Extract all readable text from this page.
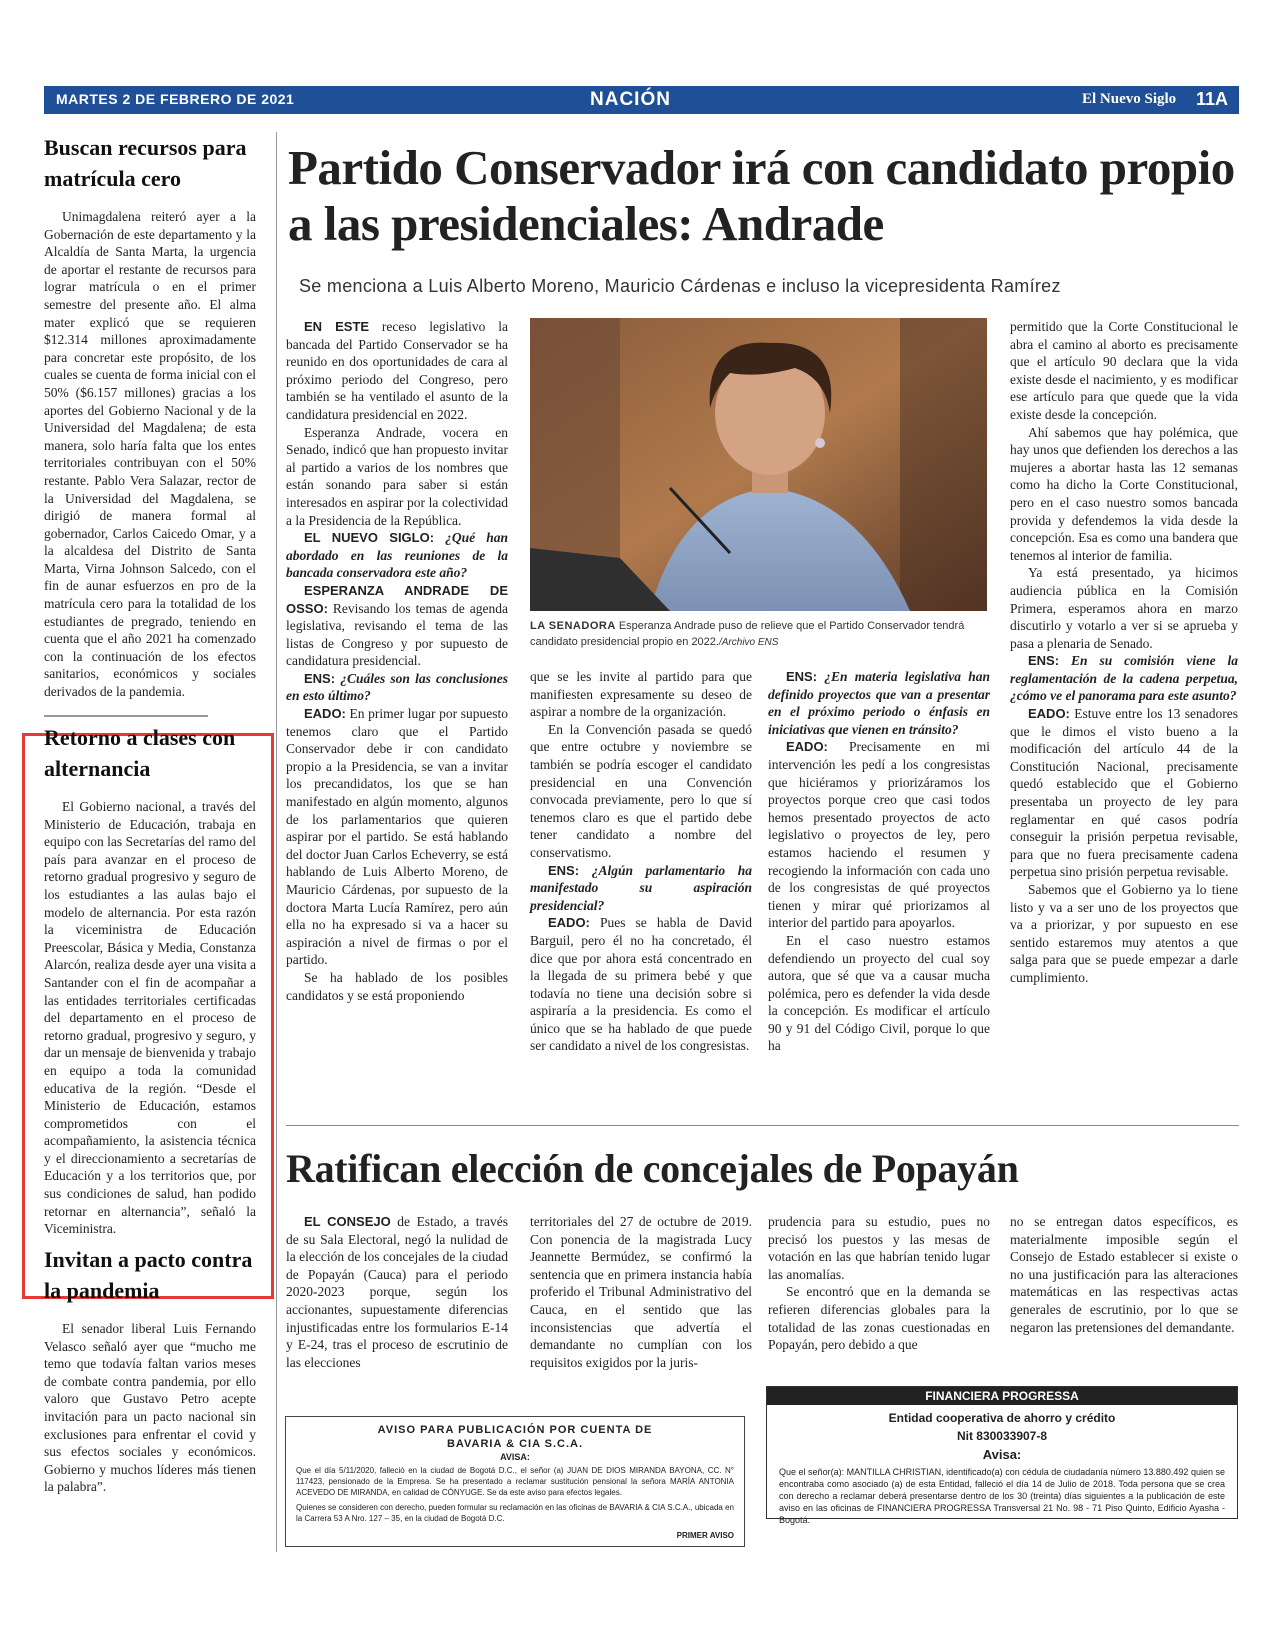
MARTES 2 DE FEBRERO DE 2021	NACIÓN	El Nuevo Siglo 11A
Buscan recursos para matrícula cero

Unimagdalena reiteró ayer a la Gobernación de este departamento y la Alcaldía de Santa Marta, la urgencia de aportar el restante de recursos para lograr matrícula o en el primer semestre del presente año. El alma mater explicó que se requieren $12.314 millones aproximadamente para concretar este propósito, de los cuales se cuenta de forma inicial con el 50% ($6.157 millones) gracias a los aportes del Gobierno Nacional y de la Universidad del Magdalena; de esta manera, solo haría falta que los entes territoriales contribuyan con el 50% restante. Pablo Vera Salazar, rector de la Universidad del Magdalena, se dirigió de manera formal al gobernador, Carlos Caicedo Omar, y a la alcaldesa del Distrito de Santa Marta, Virna Johnson Salcedo, con el fin de aunar esfuerzos en pro de la matrícula cero para la totalidad de los estudiantes de pregrado, teniendo en cuenta que el año 2021 ha comenzado con la continuación de los efectos sanitarios, económicos y sociales derivados de la pandemia.

Retorno a clases con alternancia

El Gobierno nacional, a través del Ministerio de Educación, trabaja en equipo con las Secretarías del ramo del país para avanzar en el proceso de retorno gradual progresivo y seguro de los estudiantes a las aulas bajo el modelo de alternancia. Por esta razón la viceministra de Educación Preescolar, Básica y Media, Constanza Alarcón, realiza desde ayer una visita a Santander con el fin de acompañar a las entidades territoriales certificadas del departamento en el proceso de retorno gradual, progresivo y seguro, y dar un mensaje de bienvenida y trabajo en equipo a toda la comunidad educativa de la región. “Desde el Ministerio de Educación, estamos comprometidos con el acompañamiento, la asistencia técnica y el direccionamiento a secretarías de Educación y a los territorios que, por sus condiciones de salud, han podido retornar en alternancia”, señaló la Viceministra.

Invitan a pacto contra la pandemia

El senador liberal Luis Fernando Velasco señaló ayer que “mucho me temo que todavía faltan varios meses de combate contra pandemia, por ello valoro que Gustavo Petro acepte invitación para un pacto nacional sin exclusiones para enfrentar el covid y sus efectos sociales y económicos. Gobierno y muchos líderes más tienen la palabra”.

Partido Conservador irá con candidato propio a las presidenciales: Andrade

Se menciona a Luis Alberto Moreno, Mauricio Cárdenas e incluso la vicepresidenta Ramírez

EN ESTE receso legislativo la bancada del Partido Conservador se ha reunido en dos oportunidades de cara al próximo periodo del Congreso, pero también se ha ventilado el asunto de la candidatura presidencial en 2022.

Esperanza Andrade, vocera en Senado, indicó que han propuesto invitar al partido a varios de los nombres que están sonando para saber si están interesados en aspirar por la colectividad a la Presidencia de la República.

EL NUEVO SIGLO: ¿Qué han abordado en las reuniones de la bancada conservadora este año?

ESPERANZA ANDRADE DE OSSO: Revisando los temas de agenda legislativa, revisando el tema de las listas de Congreso y por supuesto de candidatura presidencial.

ENS: ¿Cuáles son las conclusiones en esto último?

EADO: En primer lugar por supuesto tenemos claro que el Partido Conservador debe ir con candidato propio a la Presidencia, se van a invitar los precandidatos, los que se han manifestado en algún momento, algunos de los parlamentarios que quieren aspirar por el partido. Se está hablando del doctor Juan Carlos Echeverry, se está hablando de Luis Alberto Moreno, de Mauricio Cárdenas, por supuesto de la doctora Marta Lucía Ramírez, pero aún ella no ha expresado si va a hacer su aspiración a nivel de firmas o por el partido.

Se ha hablado de los posibles candidatos y se está proponiendo

LA SENADORA Esperanza Andrade puso de relieve que el Partido Conservador tendrá candidato presidencial propio en 2022./Archivo ENS

que se les invite al partido para que manifiesten expresamente su deseo de aspirar a nombre de la organización.

En la Convención pasada se quedó que entre octubre y noviembre se también se podría escoger el candidato presidencial en una Convención convocada previamente, pero lo que sí tenemos claro es que el partido debe tener candidato a nombre del conservatismo.

ENS: ¿Algún parlamentario ha manifestado su aspiración presidencial?

EADO: Pues se habla de David Barguil, pero él no ha concretado, él dice que por ahora está concentrado en la llegada de su primera bebé y que todavía no tiene una decisión sobre si aspiraría a la presidencia. Es como el único que se ha hablado de que puede ser candidato a nivel de los congresistas.

ENS: ¿En materia legislativa han definido proyectos que van a presentar en el próximo periodo o énfasis en iniciativas que vienen en tránsito?

EADO: Precisamente en mi intervención les pedí a los congresistas que hiciéramos y priorizáramos los proyectos porque creo que casi todos hemos presentado proyectos de acto legislativo o proyectos de ley, pero estamos haciendo el resumen y recogiendo la información con cada uno de los congresistas de qué proyectos tienen y mirar qué priorizamos al interior del partido para apoyarlos.

En el caso nuestro estamos defendiendo un proyecto del cual soy autora, que sé que va a causar mucha polémica, pero es defender la vida desde la concepción. Es modificar el artículo 90 y 91 del Código Civil, porque lo que ha

permitido que la Corte Constitucional le abra el camino al aborto es precisamente que el artículo 90 declara que la vida existe desde el nacimiento, y es modificar ese artículo para que quede que la vida existe desde la concepción.

Ahí sabemos que hay polémica, que hay unos que defienden los derechos a las mujeres a abortar hasta las 12 semanas como ha dicho la Corte Constitucional, pero en el caso nuestro somos bancada provida y defendemos la vida desde la concepción. Esa es como una bandera que tenemos al interior de familia.

Ya está presentado, ya hicimos audiencia pública en la Comisión Primera, esperamos ahora en marzo discutirlo y votarlo a ver si se aprueba y pasa a plenaria de Senado.

ENS: En su comisión viene la reglamentación de la cadena perpetua, ¿cómo ve el panorama para este asunto?

EADO: Estuve entre los 13 senadores que le dimos el visto bueno a la modificación del artículo 44 de la Constitución Nacional, precisamente quedó establecido que el Gobierno presentaba un proyecto de ley para reglamentar en qué casos podría conseguir la prisión perpetua revisable, para que no fuera precisamente cadena perpetua sino prisión perpetua revisable.

Sabemos que el Gobierno ya lo tiene listo y va a ser uno de los proyectos que va a priorizar, y por supuesto en ese sentido estaremos muy atentos a que salga para que se puede empezar a darle cumplimiento.

Ratifican elección de concejales de Popayán

EL CONSEJO de Estado, a través de su Sala Electoral, negó la nulidad de la elección de los concejales de la ciudad de Popayán (Cauca) para el periodo 2020-2023 porque, según los accionantes, supuestamente diferencias injustificadas entre los formularios E-14 y E-24, tras el proceso de escrutinio de las elecciones

territoriales del 27 de octubre de 2019. Con ponencia de la magistrada Lucy Jeannette Bermúdez, se confirmó la sentencia que en primera instancia había proferido el Tribunal Administrativo del Cauca, en el sentido que las inconsistencias que advertía el demandante no cumplían con los requisitos exigidos por la juris-

prudencia para su estudio, pues no precisó los puestos y las mesas de votación en las que habrían tenido lugar las anomalías.

Se encontró que en la demanda se refieren diferencias globales para la totalidad de las zonas cuestionadas en Popayán, pero debido a que

no se entregan datos específicos, es materialmente imposible según el Consejo de Estado establecer si existe o no una justificación para las alteraciones matemáticas en las respectivas actas generales de escrutinio, por lo que se negaron las pretensiones del demandante.

AVISO PARA PUBLICACIÓN POR CUENTA DE
BAVARIA & CIA S.C.A.
AVISA:
Que el día 5/11/2020, falleció en la ciudad de Bogotá D.C., el señor (a) JUAN DE DIOS MIRANDA BAYONA, CC. N° 117423, pensionado de la Empresa. Se ha presentado a reclamar sustitución pensional la señora MARÍA ANTONIA ACEVEDO DE MIRANDA, en calidad de CÓNYUGE. Se da este aviso para efectos legales.
Quienes se consideren con derecho, pueden formular su reclamación en las oficinas de BAVARIA & CIA S.C.A., ubicada en la Carrera 53 A Nro. 127 – 35, en la ciudad de Bogotá D.C.
PRIMER AVISO
FINANCIERA PROGRESSA
Entidad cooperativa de ahorro y crédito
Nit 830033907-8
Avisa:
Que el señor(a): MANTILLA CHRISTIAN, identificado(a) con cédula de ciudadanía número 13.880.492 quien se encontraba como asociado (a) de esta Entidad, falleció el día 14 de Julio de 2018. Toda persona que se crea con derecho a reclamar deberá presentarse dentro de los 30 (treinta) días siguientes a la publicación de este aviso en las oficinas de FINANCIERA PROGRESSA Transversal 21 No. 98 - 71 Piso Quinto, Edificio Ayasha - Bogotá.
